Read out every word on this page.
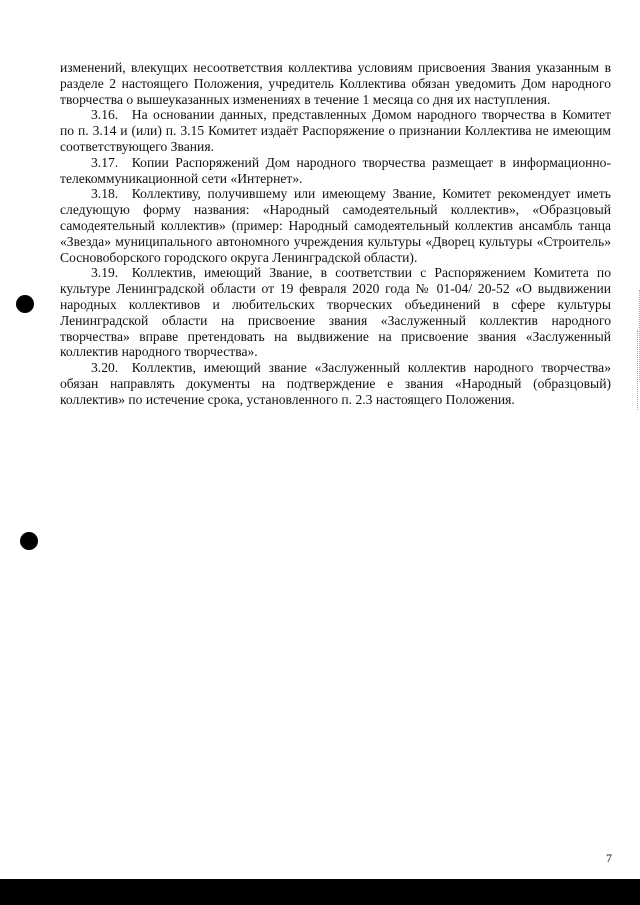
изменений, влекущих несоответствия коллектива условиям присвоения Звания указанным в разделе 2 настоящего Положения, учредитель Коллектива обязан уведомить Дом народного творчества о вышеуказанных изменениях в течение 1 месяца со дня их наступления.

3.16. На основании данных, представленных Домом народного творчества в Комитет по п. 3.14 и (или) п. 3.15 Комитет издаёт Распоряжение о признании Коллектива не имеющим соответствующего Звания.

3.17. Копии Распоряжений Дом народного творчества размещает в информационно-телекоммуникационной сети «Интернет».

3.18. Коллективу, получившему или имеющему Звание, Комитет рекомендует иметь следующую форму названия: «Народный самодеятельный коллектив», «Образцовый самодеятельный коллектив» (пример: Народный самодеятельный коллектив ансамбль танца «Звезда» муниципального автономного учреждения культуры «Дворец культуры «Строитель» Сосновоборского городского округа Ленинградской области).

3.19. Коллектив, имеющий Звание, в соответствии с Распоряжением Комитета по культуре Ленинградской области от 19 февраля 2020 года № 01-04/ 20-52 «О выдвижении народных коллективов и любительских творческих объединений в сфере культуры Ленинградской области на присвоение звания «Заслуженный коллектив народного творчества» вправе претендовать на выдвижение на присвоение звания «Заслуженный коллектив народного творчества».

3.20. Коллектив, имеющий звание «Заслуженный коллектив народного творчества» обязан направлять документы на подтверждение е звания «Народный (образцовый) коллектив» по истечение срока, установленного п. 2.3 настоящего Положения.

7
